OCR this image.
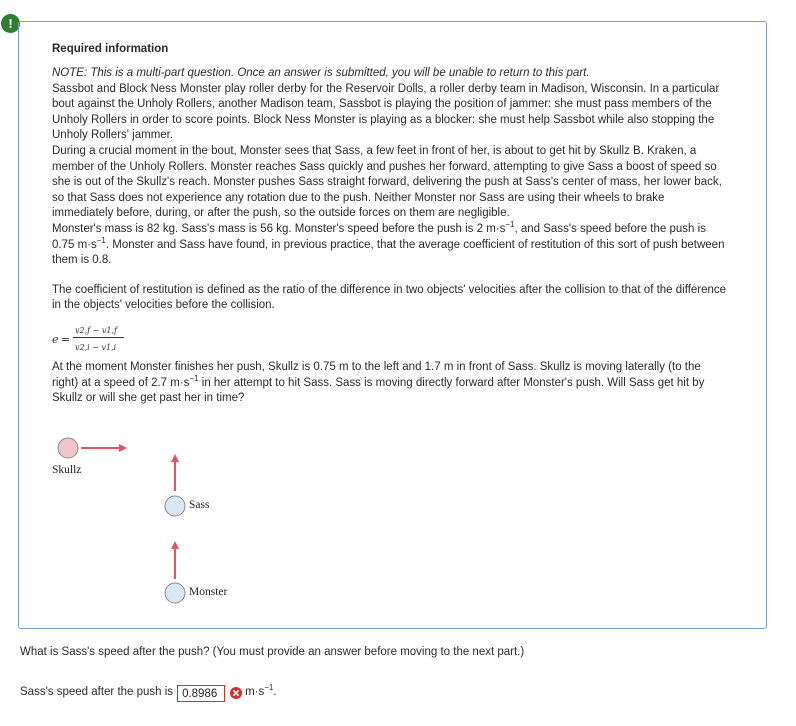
!
Required information

NOTE: This is a multi-part question. Once an answer is submitted, you will be unable to return to this part.

Sassbot and Block Ness Monster play roller derby for the Reservoir Dolls, a roller derby team in Madison, Wisconsin. In a particular bout against the Unholy Rollers, another Madison team, Sassbot is playing the position of jammer: she must pass members of the Unholy Rollers in order to score points. Block Ness Monster is playing as a blocker: she must help Sassbot while also stopping the Unholy Rollers' jammer.

During a crucial moment in the bout, Monster sees that Sass, a few feet in front of her, is about to get hit by Skullz B. Kraken, a member of the Unholy Rollers. Monster reaches Sass quickly and pushes her forward, attempting to give Sass a boost of speed so she is out of the Skullz's reach. Monster pushes Sass straight forward, delivering the push at Sass's center of mass, her lower back, so that Sass does not experience any rotation due to the push. Neither Monster nor Sass are using their wheels to brake immediately before, during, or after the push, so the outside forces on them are negligible.

Monster's mass is 82 kg. Sass's mass is 56 kg. Monster's speed before the push is 2 $m\cdot s^{-1}$, and Sass's speed before the push is 0.75 $m\cdot s^{-1}$. Monster and Sass have found, in previous practice, that the average coefficient of restitution of this sort of push between them is 0.8.

The coefficient of restitution is defined as the ratio of the difference in two objects' velocities after the collision to that of the difference in the objects' velocities before the collision.

e =
v2,f − v1,f
v2,i − v1,i

At the moment Monster finishes her push, Skullz is 0.75 m to the left and 1.7 m in front of Sass. Skullz is moving laterally (to the right) at a speed of 2.7 $m\cdot s^{-1}$ in her attempt to hit Sass. Sass is moving directly forward after Monster's push. Will Sass get hit by Skullz or will she get past her in time?

Skullz
Sass
Monster

What is Sass's speed after the push? (You must provide an answer before moving to the next part.)

Sass's speed after the push is 0.8986	$m\cdot s^{-1}$.
